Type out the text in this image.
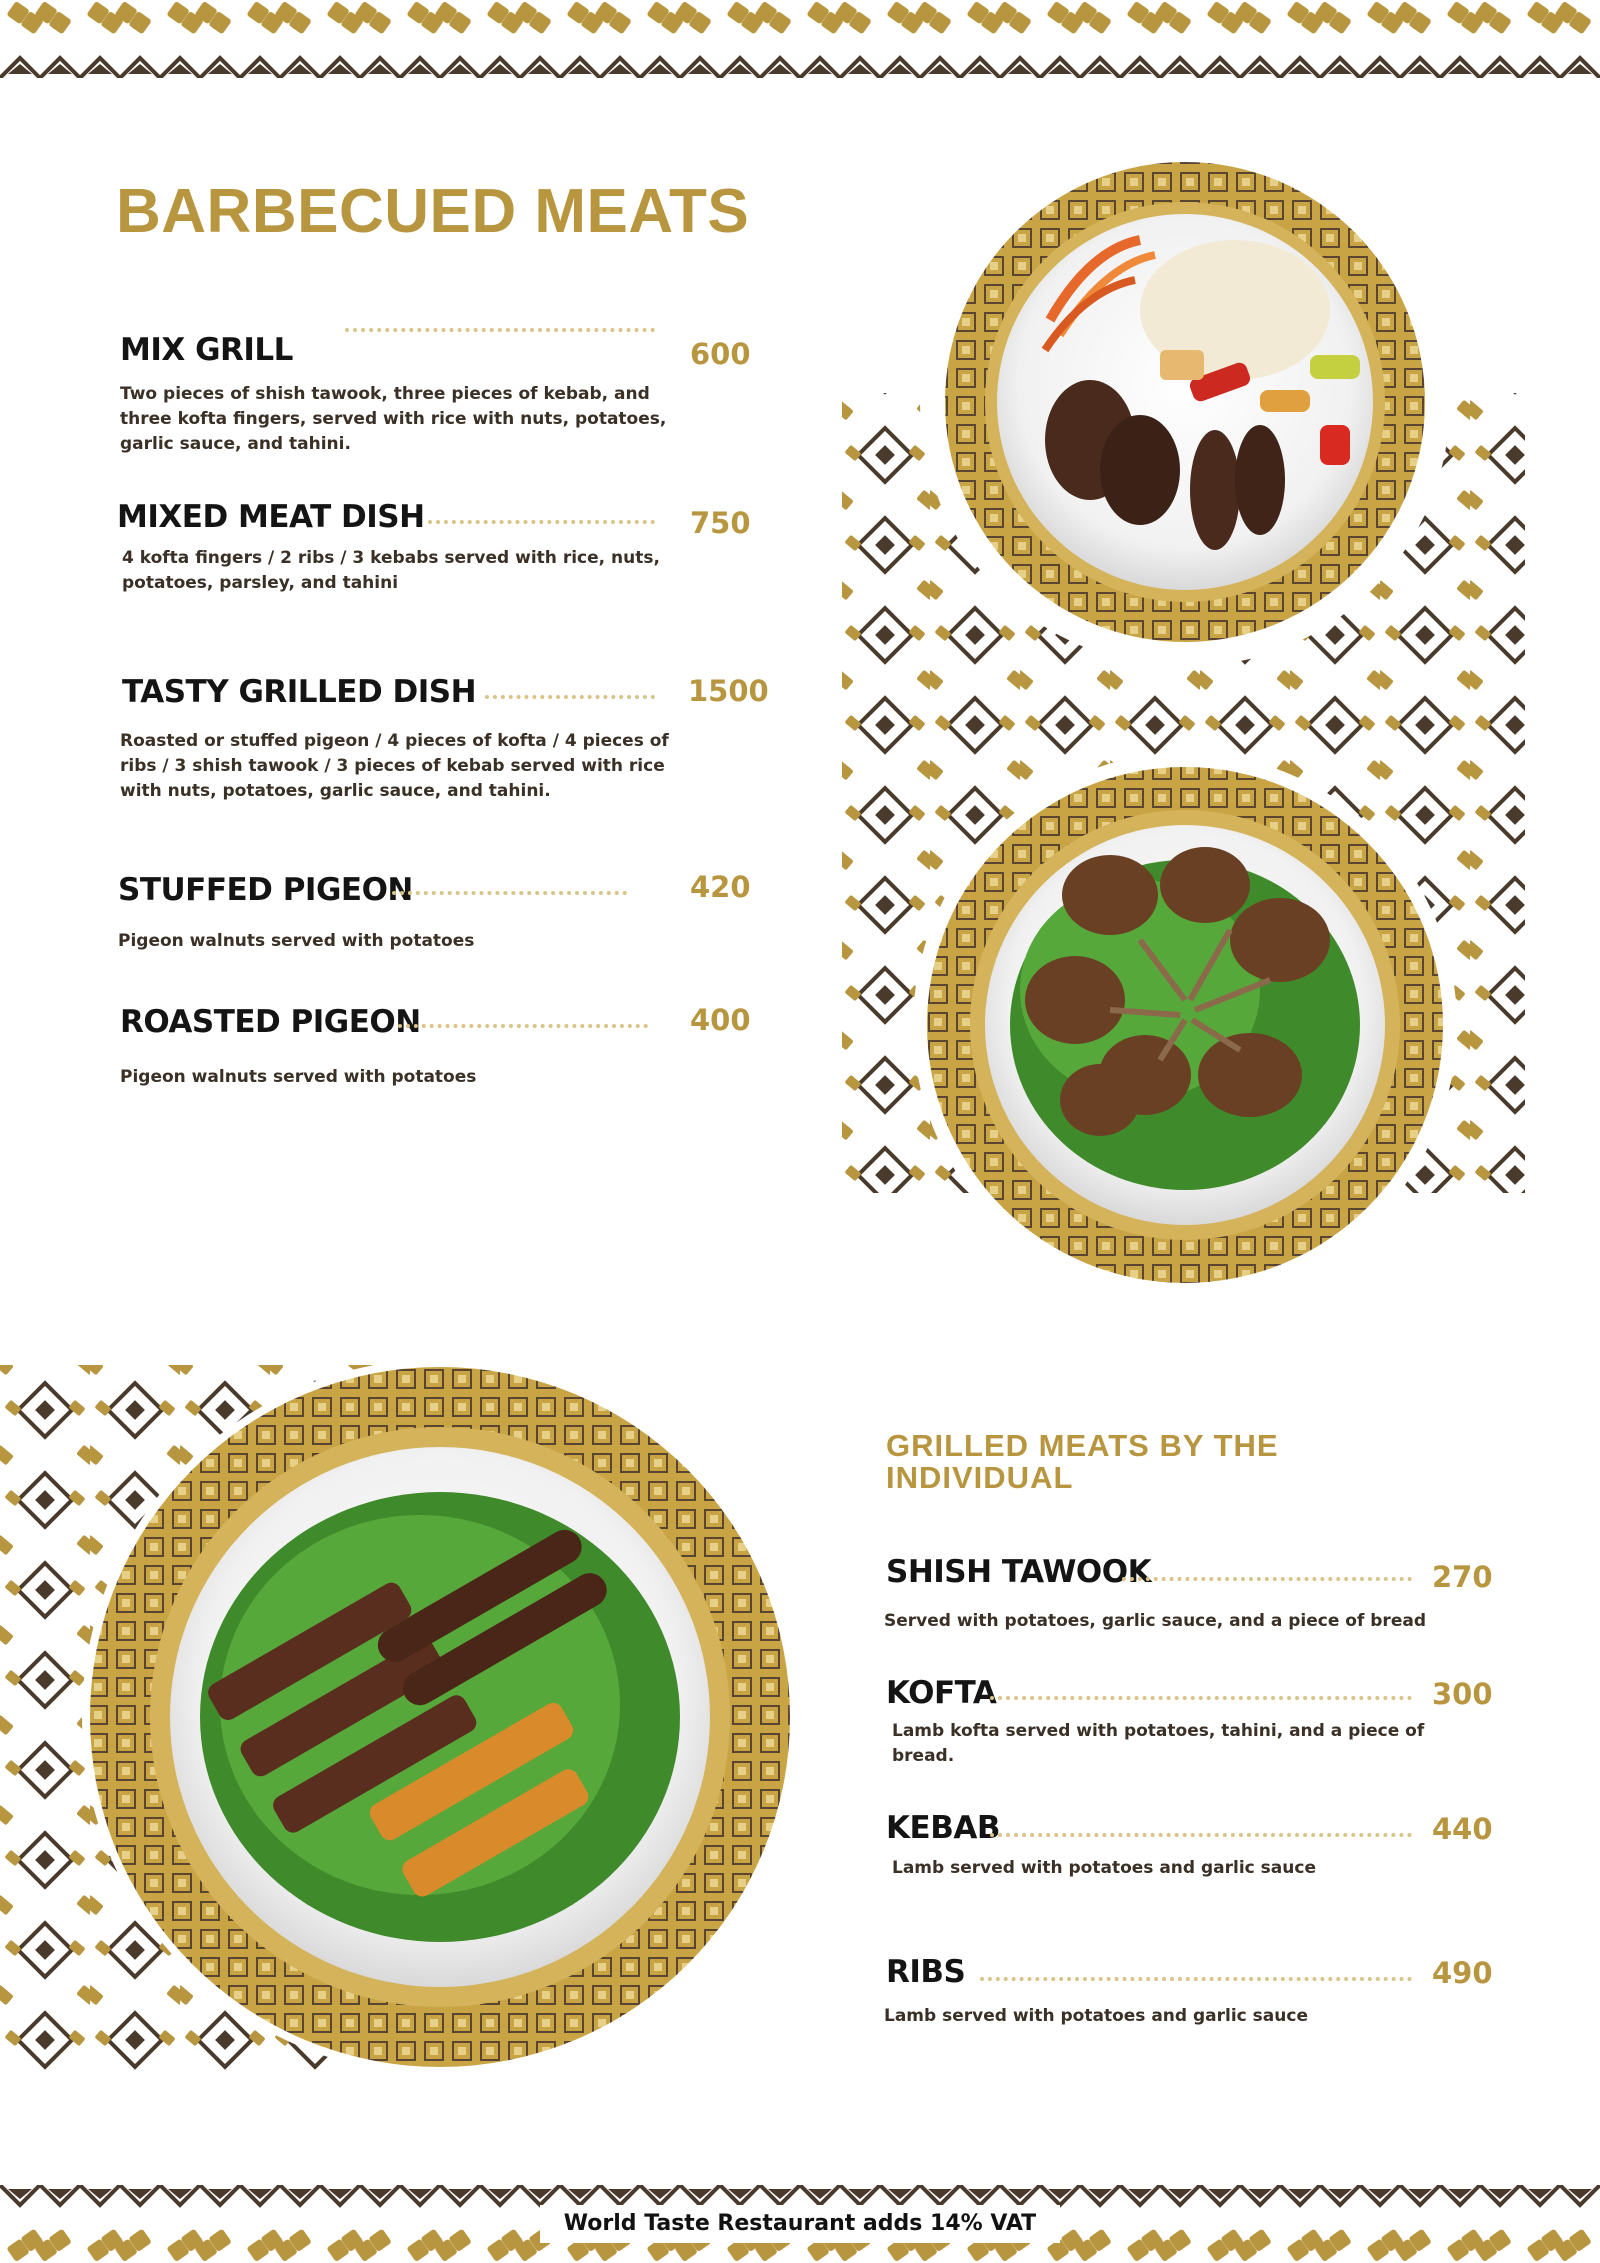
BARBECUED MEATS
MIX GRILL	600
Two pieces of shish tawook, three pieces of kebab, and three kofta fingers, served with rice with nuts, potatoes, garlic sauce, and tahini.
MIXED MEAT DISH	750
4 kofta fingers / 2 ribs / 3 kebabs served with rice, nuts, potatoes, parsley, and tahini
TASTY GRILLED DISH	1500
Roasted or stuffed pigeon / 4 pieces of kofta / 4 pieces of ribs / 3 shish tawook / 3 pieces of kebab served with rice with nuts, potatoes, garlic sauce, and tahini.
STUFFED PIGEON	420
Pigeon walnuts served with potatoes
ROASTED PIGEON	400
Pigeon walnuts served with potatoes
GRILLED MEATS BY THE INDIVIDUAL
SHISH TAWOOK	270
Served with potatoes, garlic sauce, and a piece of bread
KOFTA	300
Lamb kofta served with potatoes, tahini, and a piece of bread.
KEBAB	440
Lamb served with potatoes and garlic sauce
RIBS	490
Lamb served with potatoes and garlic sauce
World Taste Restaurant adds 14% VAT
